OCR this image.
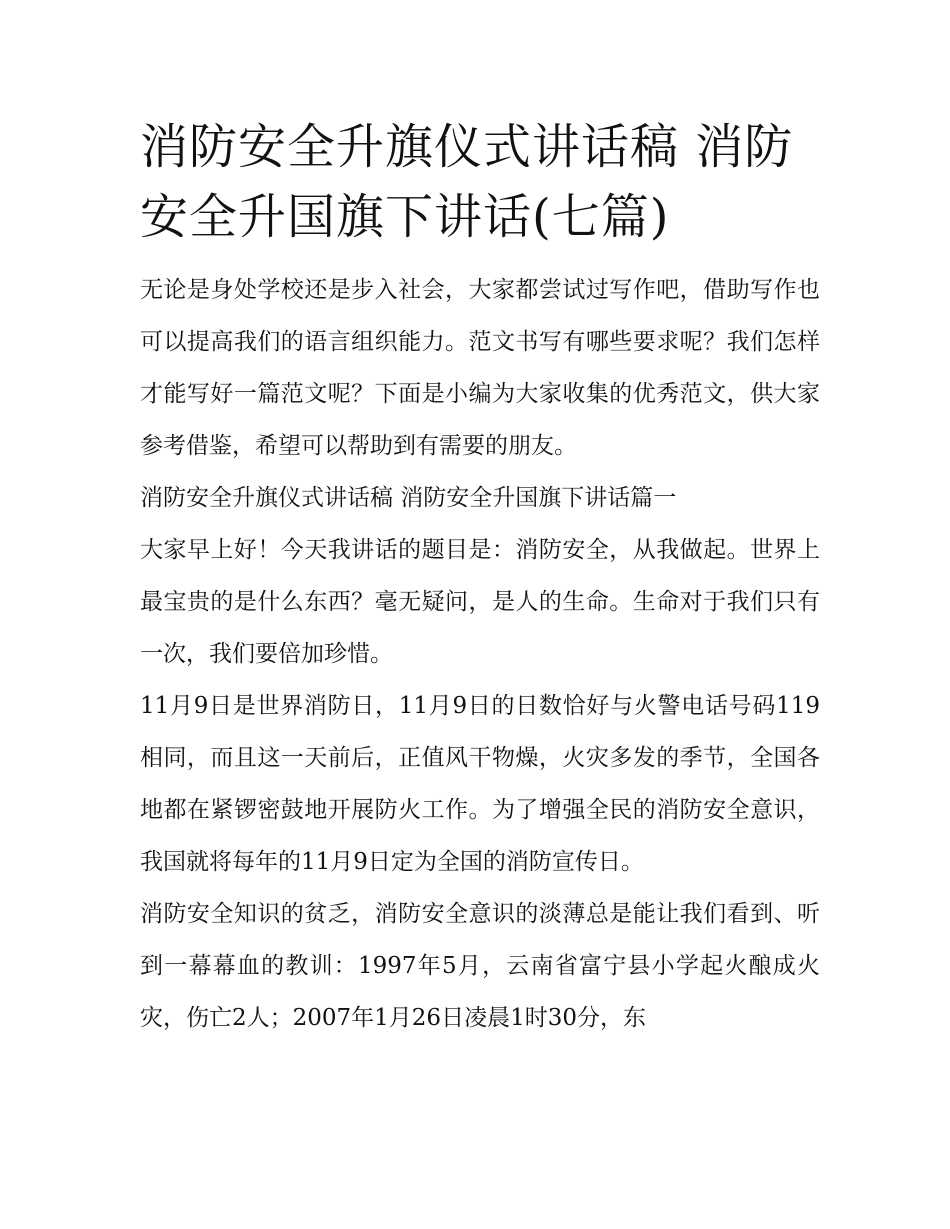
消防安全升旗仪式讲话稿 消防安全升国旗下讲话(七篇)

无论是身处学校还是步入社会，大家都尝试过写作吧，借助写作也可以提高我们的语言组织能力。范文书写有哪些要求呢？我们怎样才能写好一篇范文呢？下面是小编为大家收集的优秀范文，供大家参考借鉴，希望可以帮助到有需要的朋友。

消防安全升旗仪式讲话稿 消防安全升国旗下讲话篇一

大家早上好！今天我讲话的题目是：消防安全，从我做起。世界上最宝贵的是什么东西？毫无疑问，是人的生命。生命对于我们只有一次，我们要倍加珍惜。

11月9日是世界消防日，11月9日的日数恰好与火警电话号码119相同，而且这一天前后，正值风干物燥，火灾多发的季节，全国各地都在紧锣密鼓地开展防火工作。为了增强全民的消防安全意识，我国就将每年的11月9日定为全国的消防宣传日。

消防安全知识的贫乏，消防安全意识的淡薄总是能让我们看到、听到一幕幕血的教训：1997年5月，云南省富宁县小学起火酿成火灾，伤亡2人；2007年1月26日凌晨1时30分，东
